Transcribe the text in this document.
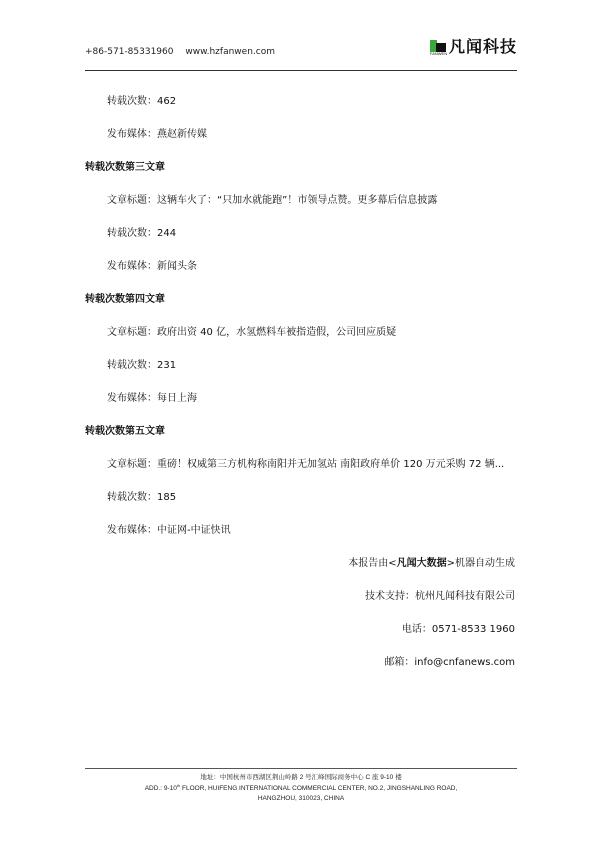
+86-571-85331960 www.hzfanwen.com	FANWEN 凡闻科技
转载次数：462
发布媒体：燕赵新传媒
转载次数第三文章
文章标题：这辆车火了：“只加水就能跑”！市领导点赞。更多幕后信息披露
转载次数：244
发布媒体：新闻头条
转载次数第四文章
文章标题：政府出资 40 亿，水氢燃料车被指造假，公司回应质疑
转载次数：231
发布媒体：每日上海
转载次数第五文章
文章标题：重磅！权威第三方机构称南阳并无加氢站 南阳政府单价 120 万元采购 72 辆...
转载次数：185
发布媒体：中证网-中证快讯
本报告由<凡闻大数据>机器自动生成
技术支持：杭州凡闻科技有限公司
电话：0571-8533 1960
邮箱：info@cnfanews.com
地址：中国杭州市西湖区荆山岭路 2 号汇峰国际商务中心 C 座 9-10 楼
ADD.: 9-10th FLOOR, HUIFENG INTERNATIONAL COMMERCIAL CENTER, NO.2, JINGSHANLING ROAD,
HANGZHOU, 310023, CHINA
